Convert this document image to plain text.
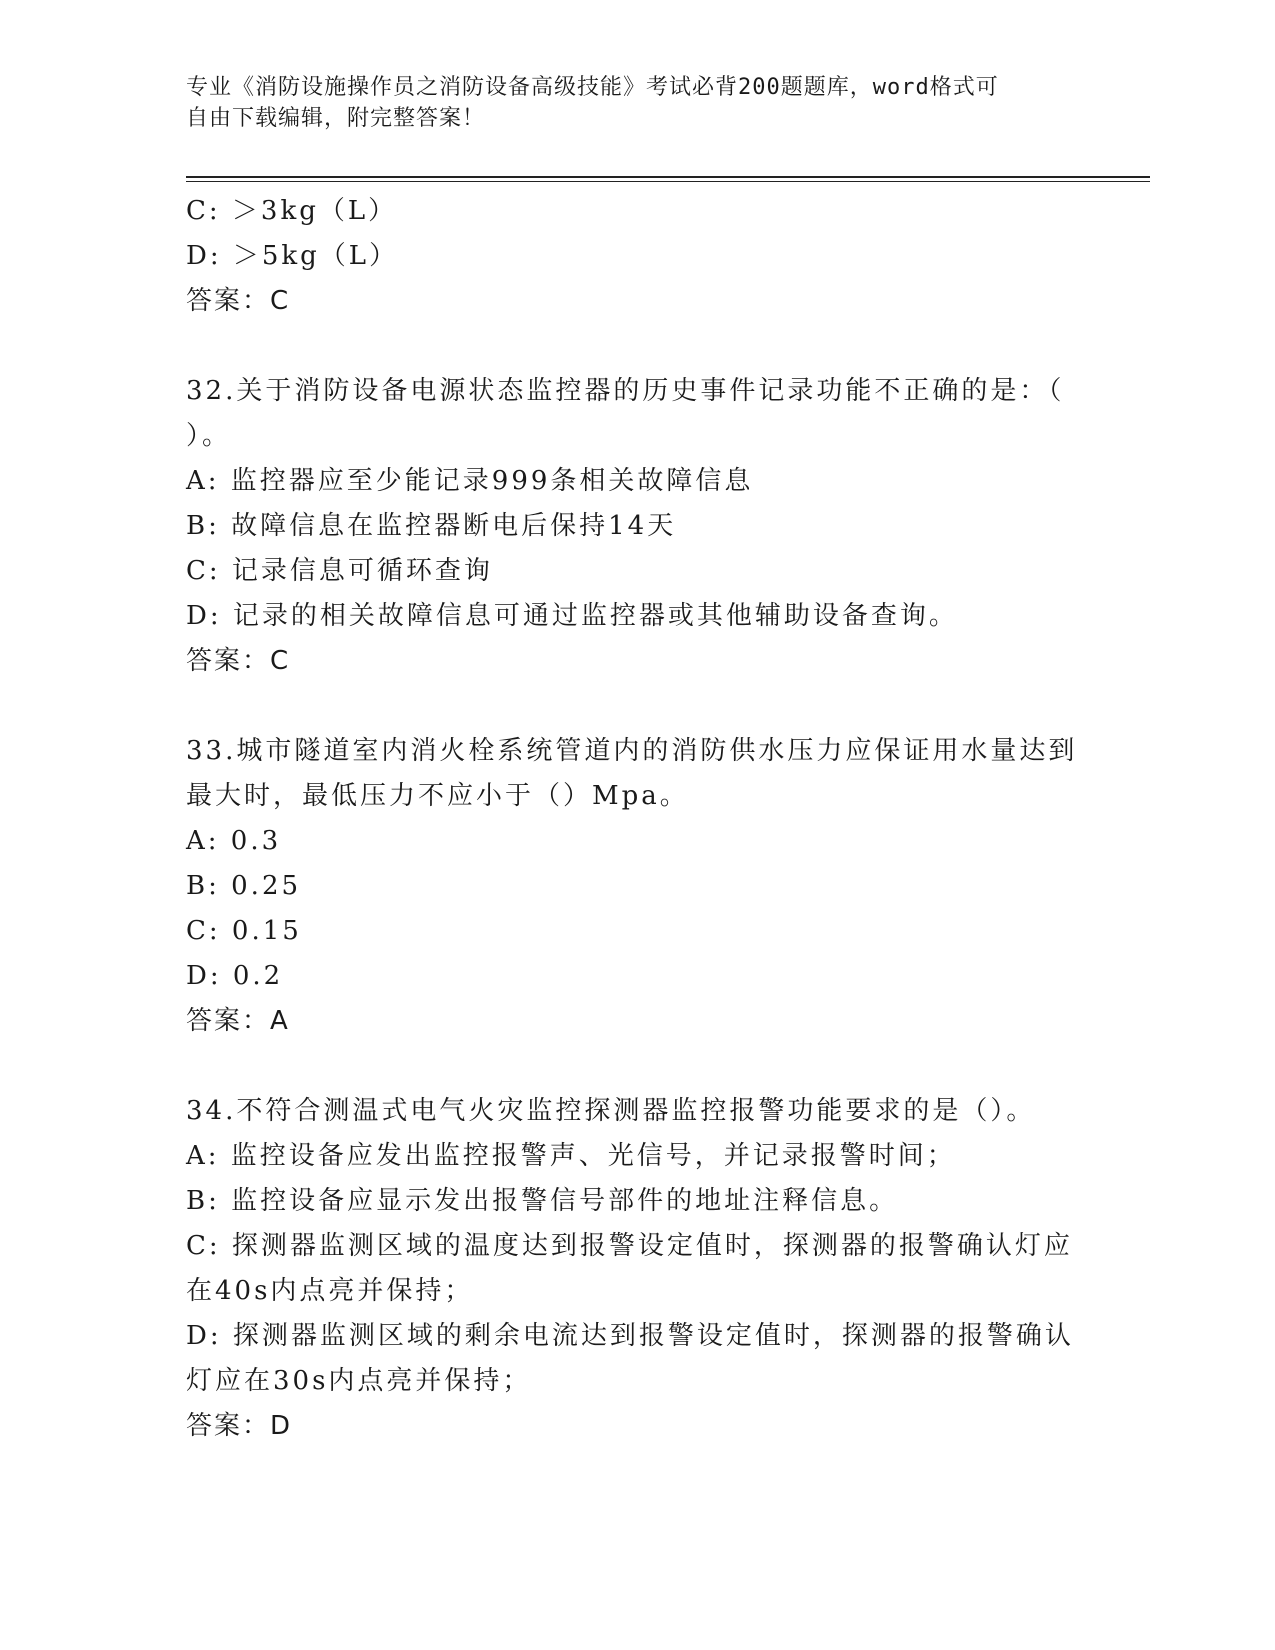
专业《消防设施操作员之消防设备高级技能》考试必背200题题库，word格式可
自由下载编辑，附完整答案！
C: ＞3kg（L）
D: ＞5kg（L）
答案：C
32.关于消防设备电源状态监控器的历史事件记录功能不正确的是：（
）。
A: 监控器应至少能记录999条相关故障信息
B: 故障信息在监控器断电后保持14天
C: 记录信息可循环查询
D: 记录的相关故障信息可通过监控器或其他辅助设备查询。
答案：C
33.城市隧道室内消火栓系统管道内的消防供水压力应保证用水量达到
最大时，最低压力不应小于（）Mpa。
A: 0.3
B: 0.25
C: 0.15
D: 0.2
答案：A
34.不符合测温式电气火灾监控探测器监控报警功能要求的是（）。
A: 监控设备应发出监控报警声、光信号，并记录报警时间；
B: 监控设备应显示发出报警信号部件的地址注释信息。
C: 探测器监测区域的温度达到报警设定值时，探测器的报警确认灯应
在40s内点亮并保持；
D: 探测器监测区域的剩余电流达到报警设定值时，探测器的报警确认
灯应在30s内点亮并保持；
答案：D
